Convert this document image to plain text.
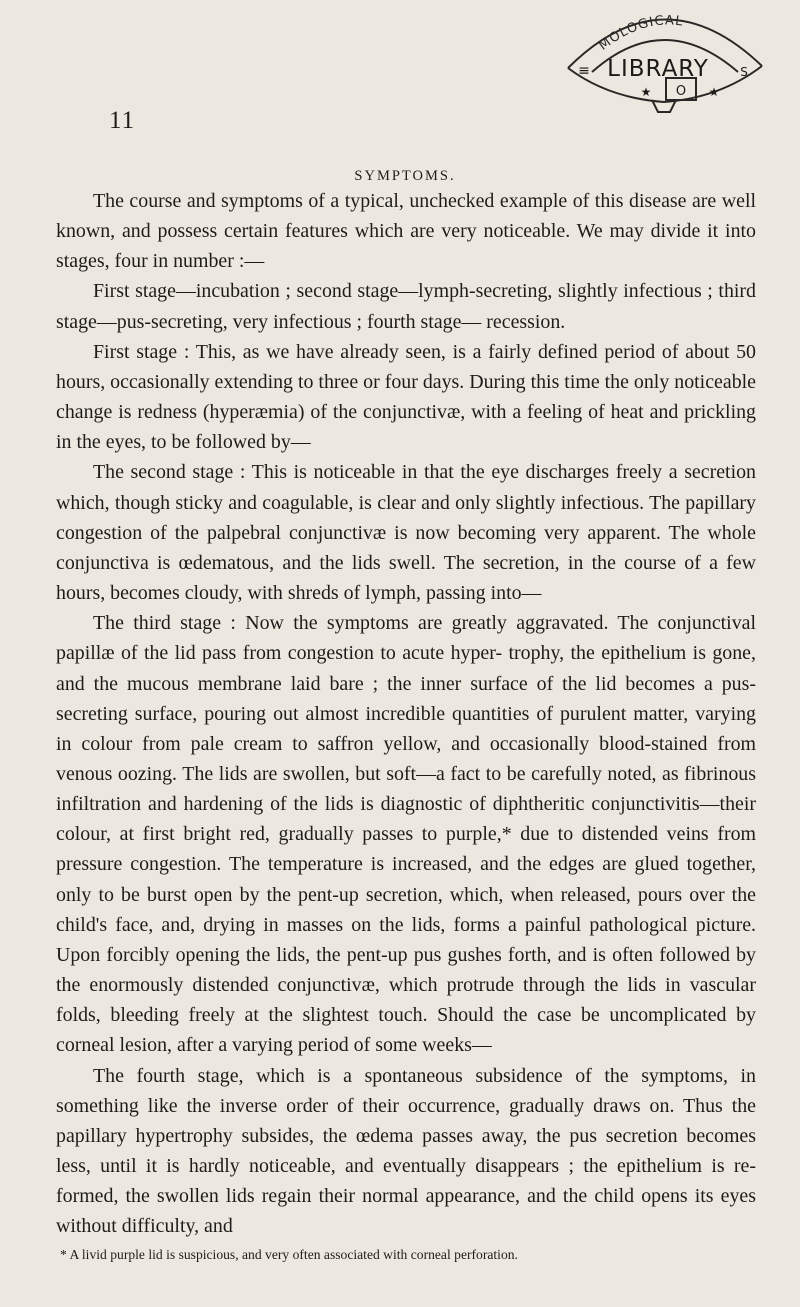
MOLOGICAL
LIBRARY
≡	S
O
★	★
11
SYMPTOMS.

The course and symptoms of a typical, unchecked example of this disease are well known, and possess certain features which are very noticeable. We may divide it into stages, four in number :—

First stage—incubation ; second stage—lymph-secreting, slightly infectious ; third stage—pus-secreting, very infectious ; fourth stage— recession.

First stage : This, as we have already seen, is a fairly defined period of about 50 hours, occasionally extending to three or four days. During this time the only noticeable change is redness (hyperæmia) of the conjunctivæ, with a feeling of heat and prickling in the eyes, to be followed by—

The second stage : This is noticeable in that the eye discharges freely a secretion which, though sticky and coagulable, is clear and only slightly infectious. The papillary congestion of the palpebral conjunctivæ is now becoming very apparent. The whole conjunctiva is œdematous, and the lids swell. The secretion, in the course of a few hours, becomes cloudy, with shreds of lymph, passing into—

The third stage : Now the symptoms are greatly aggravated. The conjunctival papillæ of the lid pass from congestion to acute hyper- trophy, the epithelium is gone, and the mucous membrane laid bare ; the inner surface of the lid becomes a pus-secreting surface, pouring out almost incredible quantities of purulent matter, varying in colour from pale cream to saffron yellow, and occasionally blood-stained from venous oozing. The lids are swollen, but soft—a fact to be carefully noted, as fibrinous infiltration and hardening of the lids is diagnostic of diphtheritic conjunctivitis—their colour, at first bright red, gradually passes to purple,* due to distended veins from pressure congestion. The temperature is increased, and the edges are glued together, only to be burst open by the pent-up secretion, which, when released, pours over the child's face, and, drying in masses on the lids, forms a painful pathological picture. Upon forcibly opening the lids, the pent-up pus gushes forth, and is often followed by the enormously distended conjunctivæ, which protrude through the lids in vascular folds, bleeding freely at the slightest touch. Should the case be uncomplicated by corneal lesion, after a varying period of some weeks—

The fourth stage, which is a spontaneous subsidence of the symptoms, in something like the inverse order of their occurrence, gradually draws on. Thus the papillary hypertrophy subsides, the œdema passes away, the pus secretion becomes less, until it is hardly noticeable, and eventually disappears ; the epithelium is re-formed, the swollen lids regain their normal appearance, and the child opens its eyes without difficulty, and

* A livid purple lid is suspicious, and very often associated with corneal perforation.
